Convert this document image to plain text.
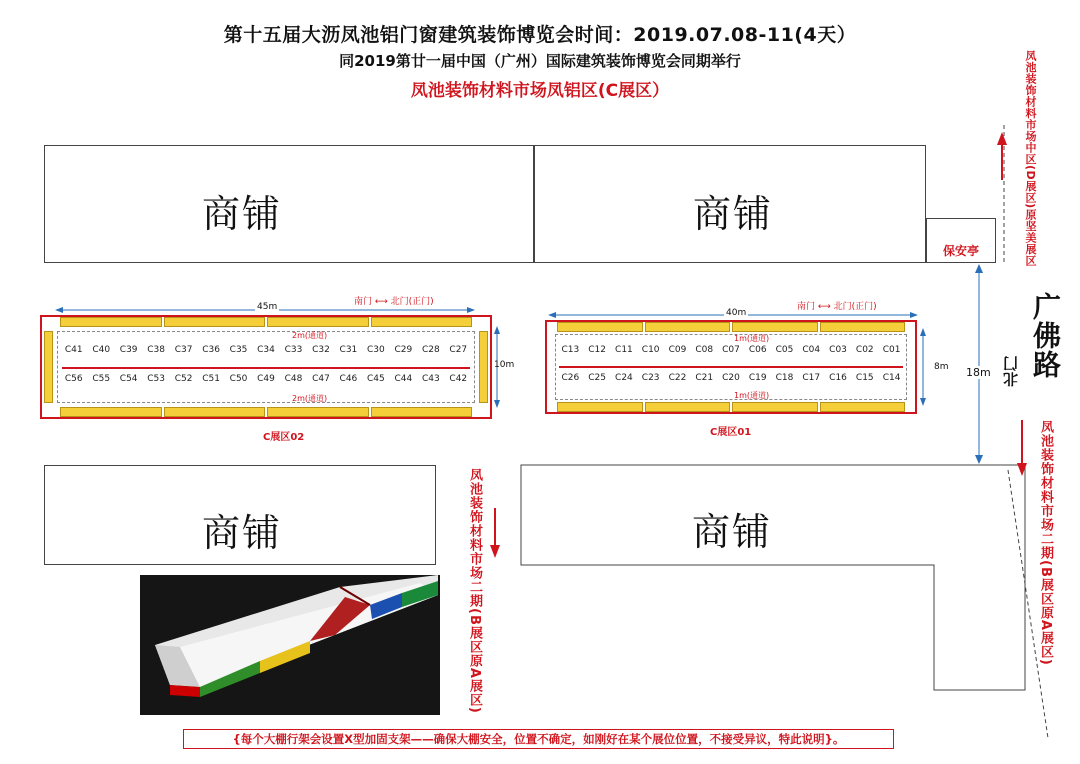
第十五届大沥凤池铝门窗建筑装饰博览会时间：2019.07.08-11(4天）
同2019第廿一届中国（广州）国际建筑装饰博览会同期举行
凤池装饰材料市场凤铝区(C展区）
商铺	商铺
保安亭
商铺	商铺
18m 广佛路
北门
凤池装饰材料市场中区(D展区)原坚美展区
凤池装饰材料市场二期(B展区原A展区)
凤池装饰材料市场二期(B展区原A展区)
南门 ⟷ 北门(正门)
45m
2m(通道)
C41	C40	C39	C38	C37	C36	C35	C34	C33	C32	C31	C30	C29	C28	C27
C56	C55	C54	C53	C52	C51	C50	C49	C48	C47	C46	C45	C44	C43	C42
2m(通道)
10m
C展区02
南门 ⟷ 北门(正门)
40m
1m(通道)
C13	C12	C11	C10	C09	C08	C07	C06	C05	C04	C03	C02	C01
C26	C25	C24	C23	C22	C21	C20	C19	C18	C17	C16	C15	C14
1m(通道)
8m
C展区01
{每个大棚行架会设置X型加固支架——确保大棚安全，位置不确定，如刚好在某个展位位置，不接受异议，特此说明}。
